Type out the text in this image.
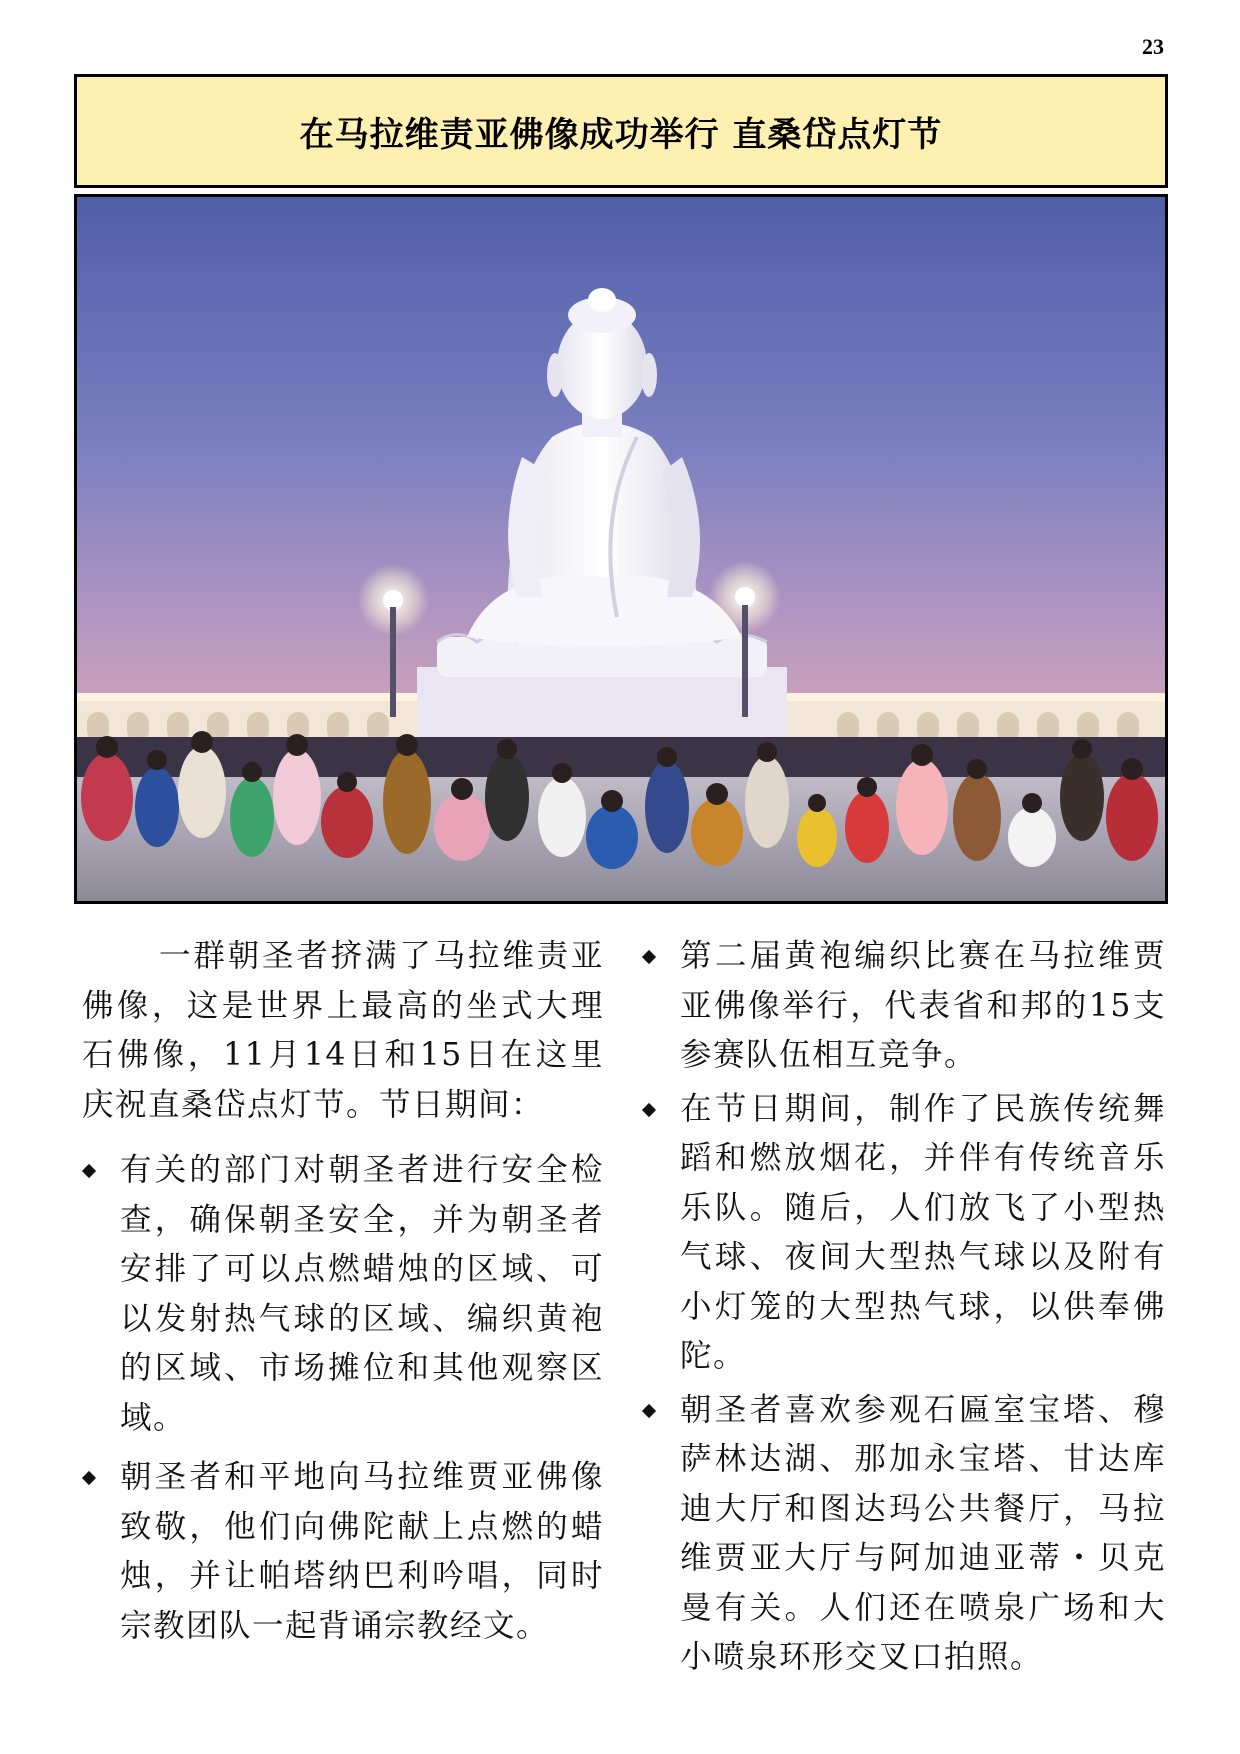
23
在马拉维责亚佛像成功举行 直桑岱点灯节

一群朝圣者挤满了马拉维责亚佛像，这是世界上最高的坐式大理石佛像，11月14日和15日在这里庆祝直桑岱点灯节。节日期间：

有关的部门对朝圣者进行安全检查，确保朝圣安全，并为朝圣者安排了可以点燃蜡烛的区域、可以发射热气球的区域、编织黄袍的区域、市场摊位和其他观察区域。
朝圣者和平地向马拉维贾亚佛像致敬，他们向佛陀献上点燃的蜡烛，并让帕塔纳巴利吟唱，同时宗教团队一起背诵宗教经文。
第二届黄袍编织比赛在马拉维贾亚佛像举行，代表省和邦的15支参赛队伍相互竞争。
在节日期间，制作了民族传统舞蹈和燃放烟花，并伴有传统音乐乐队。随后，人们放飞了小型热气球、夜间大型热气球以及附有小灯笼的大型热气球，以供奉佛陀。
朝圣者喜欢参观石匾室宝塔、穆萨林达湖、那加永宝塔、甘达库迪大厅和图达玛公共餐厅，马拉维贾亚大厅与阿加迪亚蒂・贝克曼有关。人们还在喷泉广场和大小喷泉环形交叉口拍照。
